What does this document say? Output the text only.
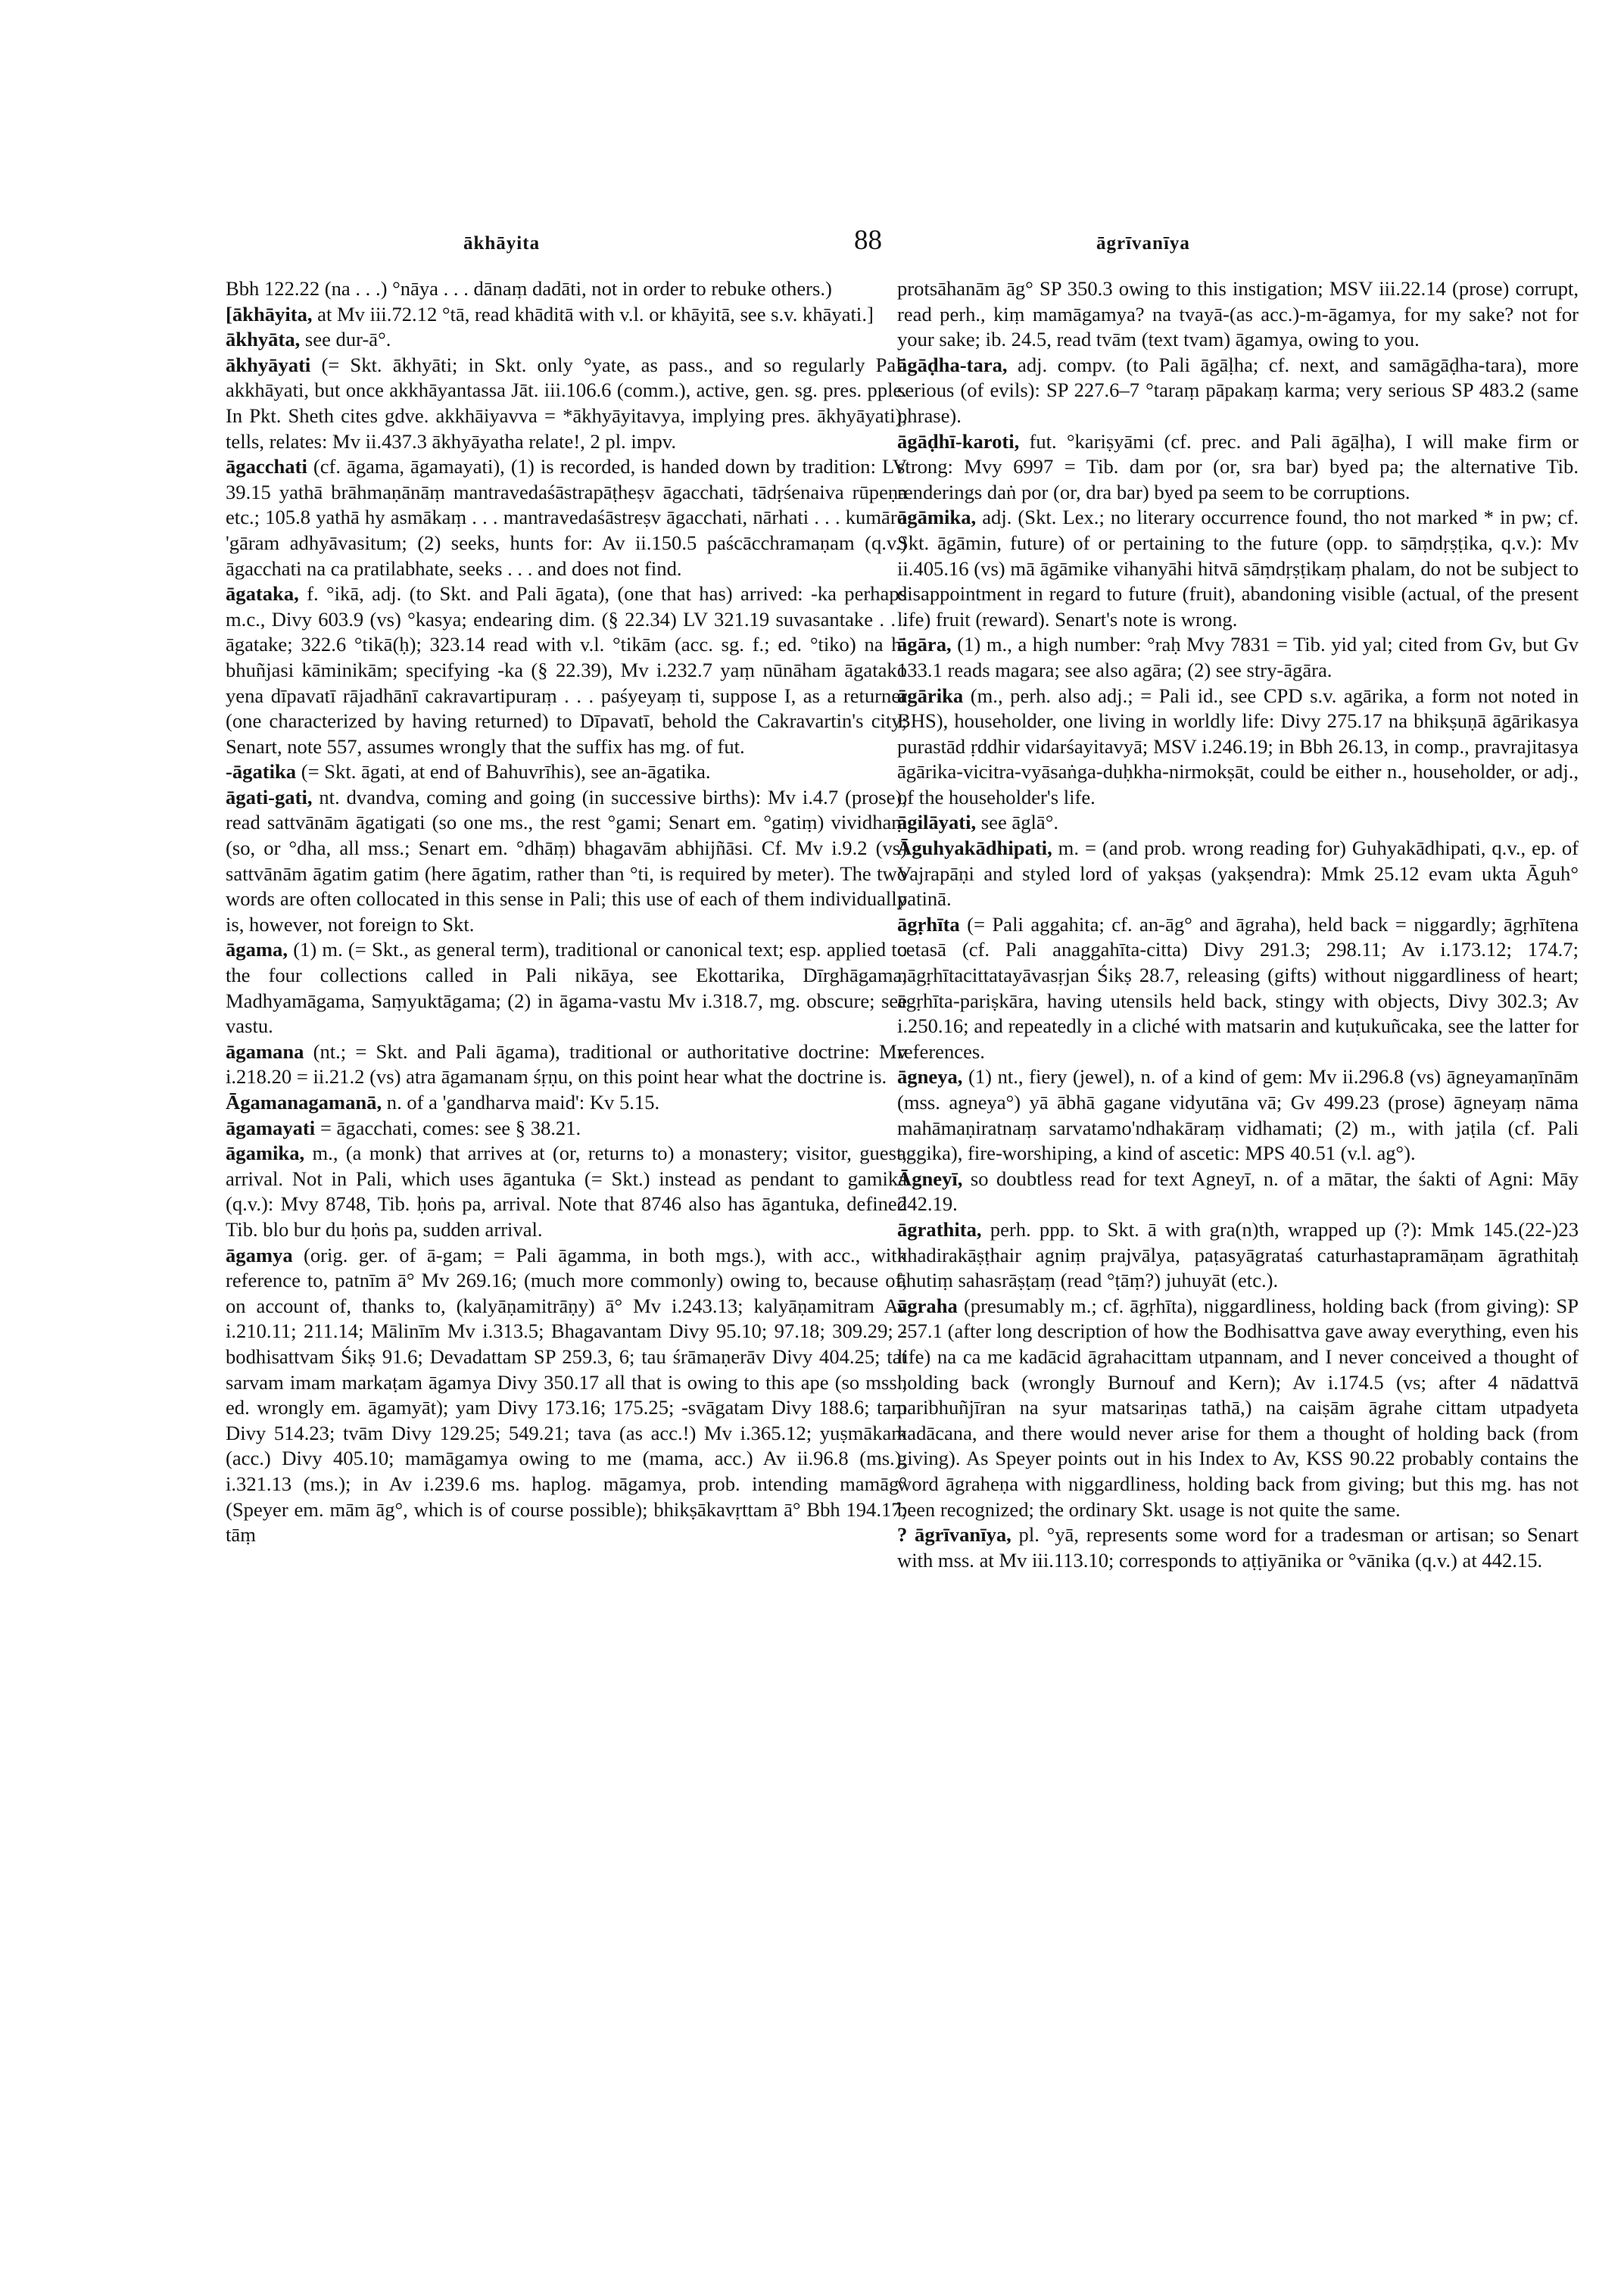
ākhāyita	88	āgrīvanīya

Bbh 122.22 (na . . .) °nāya . . . dānaṃ dadāti, not in order to rebuke others.)

[ākhāyita, at Mv iii.72.12 °tā, read khāditā with v.l. or khāyitā, see s.v. khāyati.]

ākhyāta, see dur-ā°.

ākhyāyati (= Skt. ākhyāti; in Skt. only °yate, as pass., and so regularly Pali akkhāyati, but once akkhāyantassa Jāt. iii.106.6 (comm.), active, gen. sg. pres. pple. In Pkt. Sheth cites gdve. akkhāiyavva = *ākhyāyitavya, implying pres. ākhyāyati), tells, relates: Mv ii.437.3 ākhyāyatha relate!, 2 pl. impv.

āgacchati (cf. āgama, āgamayati), (1) is recorded, is handed down by tradition: LV 39.15 yathā brāhmaṇānāṃ mantravedaśāstrapāṭheṣv āgacchati, tādṛśenaiva rūpeṇa etc.; 105.8 yathā hy asmākaṃ . . . mantravedaśāstreṣv āgacchati, nārhati . . . kumāro 'gāram adhyāvasitum; (2) seeks, hunts for: Av ii.150.5 paścācchramaṇam (q.v.) āgacchati na ca pratilabhate, seeks . . . and does not find.

āgataka, f. °ikā, adj. (to Skt. and Pali āgata), (one that has) arrived: -ka perhaps m.c., Divy 603.9 (vs) °kasya; endearing dim. (§ 22.34) LV 321.19 suvasantake . . . āgatake; 322.6 °tikā(ḥ); 323.14 read with v.l. °tikām (acc. sg. f.; ed. °tiko) na hi bhuñjasi kāminikām; specifying -ka (§ 22.39), Mv i.232.7 yaṃ nūnāham āgatako yena dīpavatī rājadhānī cakravartipuraṃ . . . paśyeyaṃ ti, suppose I, as a returner (one characterized by having returned) to Dīpavatī, behold the Cakravartin's city; Senart, note 557, assumes wrongly that the suffix has mg. of fut.

-āgatika (= Skt. āgati, at end of Bahuvrīhis), see an-āgatika.

āgati-gati, nt. dvandva, coming and going (in successive births): Mv i.4.7 (prose), read sattvānām āgatigati (so one ms., the rest °gami; Senart em. °gatiṃ) vividhaṃ (so, or °dha, all mss.; Senart em. °dhāṃ) bhagavām abhijñāsi. Cf. Mv i.9.2 (vs) sattvānām āgatim gatim (here āgatim, rather than °ti, is required by meter). The two words are often collocated in this sense in Pali; this use of each of them individually is, however, not foreign to Skt.

āgama, (1) m. (= Skt., as general term), traditional or canonical text; esp. applied to the four collections called in Pali nikāya, see Ekottarika, Dīrghāgama, Madhyamāgama, Saṃyuktāgama; (2) in āgama-vastu Mv i.318.7, mg. obscure; see vastu.

āgamana (nt.; = Skt. and Pali āgama), traditional or authoritative doctrine: Mv i.218.20 = ii.21.2 (vs) atra āgamanam śṛṇu, on this point hear what the doctrine is.

Āgamanagamanā, n. of a 'gandharva maid': Kv 5.15.

āgamayati = āgacchati, comes: see § 38.21.

āgamika, m., (a monk) that arrives at (or, returns to) a monastery; visitor, guest, arrival. Not in Pali, which uses āgantuka (= Skt.) instead as pendant to gamika (q.v.): Mvy 8748, Tib. ḥoṅs pa, arrival. Note that 8746 also has āgantuka, defined Tib. blo bur du ḥoṅs pa, sudden arrival.

āgamya (orig. ger. of ā-gam; = Pali āgamma, in both mgs.), with acc., with reference to, patnīm ā° Mv 269.16; (much more commonly) owing to, because of, on account of, thanks to, (kalyāṇamitrāṇy) ā° Mv i.243.13; kalyāṇamitram Av i.210.11; 211.14; Mālinīm Mv i.313.5; Bhagavantam Divy 95.10; 97.18; 309.29; -bodhisattvam Śikṣ 91.6; Devadattam SP 259.3, 6; tau śrāmaṇerāv Divy 404.25; tat sarvam imam markaṭam āgamya Divy 350.17 all that is owing to this ape (so mss., ed. wrongly em. āgamyāt); yam Divy 173.16; 175.25; -svāgatam Divy 188.6; tam Divy 514.23; tvām Divy 129.25; 549.21; tava (as acc.!) Mv i.365.12; yuṣmākam (acc.) Divy 405.10; mamāgamya owing to me (mama, acc.) Av ii.96.8 (ms.); i.321.13 (ms.); in Av i.239.6 ms. haplog. māgamya, prob. intending mamāg° (Speyer em. mām āg°, which is of course possible); bhikṣākavṛttam ā° Bbh 194.17; tāṃ

protsāhanām āg° SP 350.3 owing to this instigation; MSV iii.22.14 (prose) corrupt, read perh., kiṃ mamāgamya? na tvayā-(as acc.)-m-āgamya, for my sake? not for your sake; ib. 24.5, read tvām (text tvam) āgamya, owing to you.

āgāḍha-tara, adj. compv. (to Pali āgāḷha; cf. next, and samāgāḍha-tara), more serious (of evils): SP 227.6–7 °taraṃ pāpakaṃ karma; very serious SP 483.2 (same phrase).

āgāḍhī-karoti, fut. °kariṣyāmi (cf. prec. and Pali āgāḷha), I will make firm or strong: Mvy 6997 = Tib. dam por (or, sra bar) byed pa; the alternative Tib. renderings daṅ por (or, dra bar) byed pa seem to be corruptions.

āgāmika, adj. (Skt. Lex.; no literary occurrence found, tho not marked * in pw; cf. Skt. āgāmin, future) of or pertaining to the future (opp. to sāṃdṛṣṭika, q.v.): Mv ii.405.16 (vs) mā āgāmike vihanyāhi hitvā sāṃdṛṣṭikaṃ phalam, do not be subject to disappointment in regard to future (fruit), abandoning visible (actual, of the present life) fruit (reward). Senart's note is wrong.

āgāra, (1) m., a high number: °raḥ Mvy 7831 = Tib. yid yal; cited from Gv, but Gv 133.1 reads magara; see also agāra; (2) see stry-āgāra.

āgārika (m., perh. also adj.; = Pali id., see CPD s.v. agārika, a form not noted in BHS), householder, one living in worldly life: Divy 275.17 na bhikṣuṇā āgārikasya purastād ṛddhir vidarśayitavyā; MSV i.246.19; in Bbh 26.13, in comp., pravrajitasya āgārika-vicitra-vyāsaṅga-duḥkha-nirmokṣāt, could be either n., householder, or adj., of the householder's life.

āgilāyati, see āglā°.

Āguhyakādhipati, m. = (and prob. wrong reading for) Guhyakādhipati, q.v., ep. of Vajrapāṇi and styled lord of yakṣas (yakṣendra): Mmk 25.12 evam ukta Āguh° patinā.

āgṛhīta (= Pali aggahita; cf. an-āg° and āgraha), held back = niggardly; āgṛhītena cetasā (cf. Pali anaggahīta-citta) Divy 291.3; 298.11; Av i.173.12; 174.7; nāgṛhītacittatayāvasṛjan Śikṣ 28.7, releasing (gifts) without niggardliness of heart; āgṛhīta-pariṣkāra, having utensils held back, stingy with objects, Divy 302.3; Av i.250.16; and repeatedly in a cliché with matsarin and kuṭukuñcaka, see the latter for references.

āgneya, (1) nt., fiery (jewel), n. of a kind of gem: Mv ii.296.8 (vs) āgneyamaṇīnām (mss. agneya°) yā ābhā gagane vidyutāna vā; Gv 499.23 (prose) āgneyaṃ nāma mahāmaṇiratnaṃ sarvatamo'ndhakāraṃ vidhamati; (2) m., with jaṭila (cf. Pali aggika), fire-worshiping, a kind of ascetic: MPS 40.51 (v.l. ag°).

Āgneyī, so doubtless read for text Agneyī, n. of a mātar, the śakti of Agni: Māy 242.19.

āgrathita, perh. ppp. to Skt. ā with gra(n)th, wrapped up (?): Mmk 145.(22-)23 khadirakāṣṭhair agniṃ prajvālya, paṭasyāgrataś caturhastapramāṇam āgrathitaḥ āhutiṃ sahasrāṣṭaṃ (read °ṭāṃ?) juhuyāt (etc.).

āgraha (presumably m.; cf. āgṛhīta), niggardliness, holding back (from giving): SP 257.1 (after long description of how the Bodhisattva gave away everything, even his life) na ca me kadācid āgrahacittam utpannam, and I never conceived a thought of holding back (wrongly Burnouf and Kern); Av i.174.5 (vs; after 4 nādattvā paribhuñjīran na syur matsariṇas tathā,) na caiṣām āgrahe cittam utpadyeta kadācana, and there would never arise for them a thought of holding back (from giving). As Speyer points out in his Index to Av, KSS 90.22 probably contains the word āgraheṇa with niggardliness, holding back from giving; but this mg. has not been recognized; the ordinary Skt. usage is not quite the same.

? āgrīvanīya, pl. °yā, represents some word for a tradesman or artisan; so Senart with mss. at Mv iii.113.10; corresponds to aṭṭiyānika or °vānika (q.v.) at 442.15.
